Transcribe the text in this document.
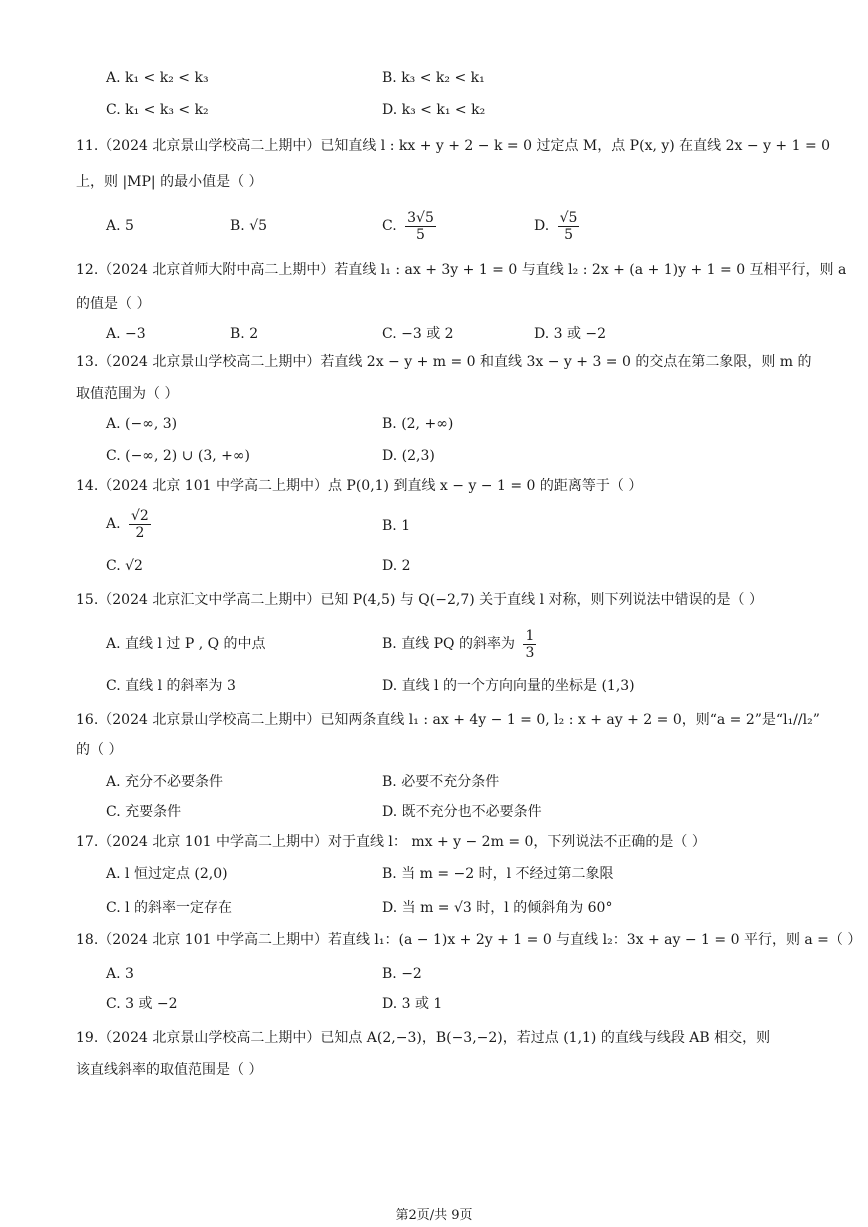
A. k₁ < k₂ < k₃	B. k₃ < k₂ < k₁
C. k₁ < k₃ < k₂	D. k₃ < k₁ < k₂
11.（2024 北京景山学校高二上期中）已知直线 l : kx + y + 2 − k = 0 过定点 M，点 P(x, y) 在直线 2x − y + 1 = 0
上，则 |MP| 的最小值是（ ）
A. 5	B. √5	C. $\frac{3√5}{5}$	D. $\frac{√5}{5}$
12.（2024 北京首师大附中高二上期中）若直线 l₁ : ax + 3y + 1 = 0 与直线 l₂ : 2x + (a + 1)y + 1 = 0 互相平行，则 a
的值是（ ）
A. −3	B. 2	C. −3 或 2	D. 3 或 −2
13.（2024 北京景山学校高二上期中）若直线 2x − y + m = 0 和直线 3x − y + 3 = 0 的交点在第二象限，则 m 的
取值范围为（ ）
A. (−∞, 3)	B. (2, +∞)
C. (−∞, 2) ∪ (3, +∞)	D. (2,3)
14.（2024 北京 101 中学高二上期中）点 P(0,1) 到直线 x − y − 1 = 0 的距离等于（ ）
A. $\frac{√2}{2}$	B. 1
C. √2	D. 2
15.（2024 北京汇文中学高二上期中）已知 P(4,5) 与 Q(−2,7) 关于直线 l 对称，则下列说法中错误的是（ ）
A. 直线 l 过 P , Q 的中点	B. 直线 PQ 的斜率为 $\frac{1}{3}$
C. 直线 l 的斜率为 3	D. 直线 l 的一个方向向量的坐标是 (1,3)
16.（2024 北京景山学校高二上期中）已知两条直线 l₁ : ax + 4y − 1 = 0, l₂ : x + ay + 2 = 0，则“a = 2”是“l₁//l₂”
的（ ）
A. 充分不必要条件	B. 必要不充分条件
C. 充要条件	D. 既不充分也不必要条件
17.（2024 北京 101 中学高二上期中）对于直线 l： mx + y − 2m = 0，下列说法不正确的是（ ）
A. l 恒过定点 (2,0)	B. 当 m = −2 时，l 不经过第二象限
C. l 的斜率一定存在	D. 当 m = √3 时，l 的倾斜角为 60°
18.（2024 北京 101 中学高二上期中）若直线 l₁：(a − 1)x + 2y + 1 = 0 与直线 l₂：3x + ay − 1 = 0 平行，则 a =（ ）
A. 3	B. −2
C. 3 或 −2	D. 3 或 1
19.（2024 北京景山学校高二上期中）已知点 A(2,−3)，B(−3,−2)，若过点 (1,1) 的直线与线段 AB 相交，则
该直线斜率的取值范围是（ ）
第2页/共 9页
